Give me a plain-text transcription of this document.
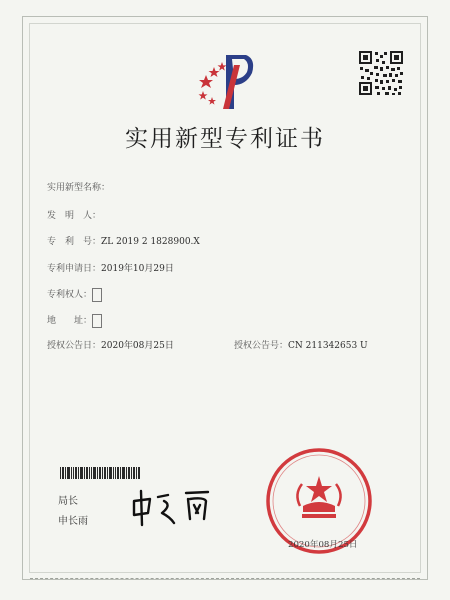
实用新型专利证书
实用新型名称：
发　明　人：
专　利　号：ZL 2019 2 1828900.X
专利申请日：2019年10月29日
专利权人：
地　　址：
授权公告日：2020年08月25日	授权公告号：CN 211342653 U
局长
申长雨
2020年08月25日
